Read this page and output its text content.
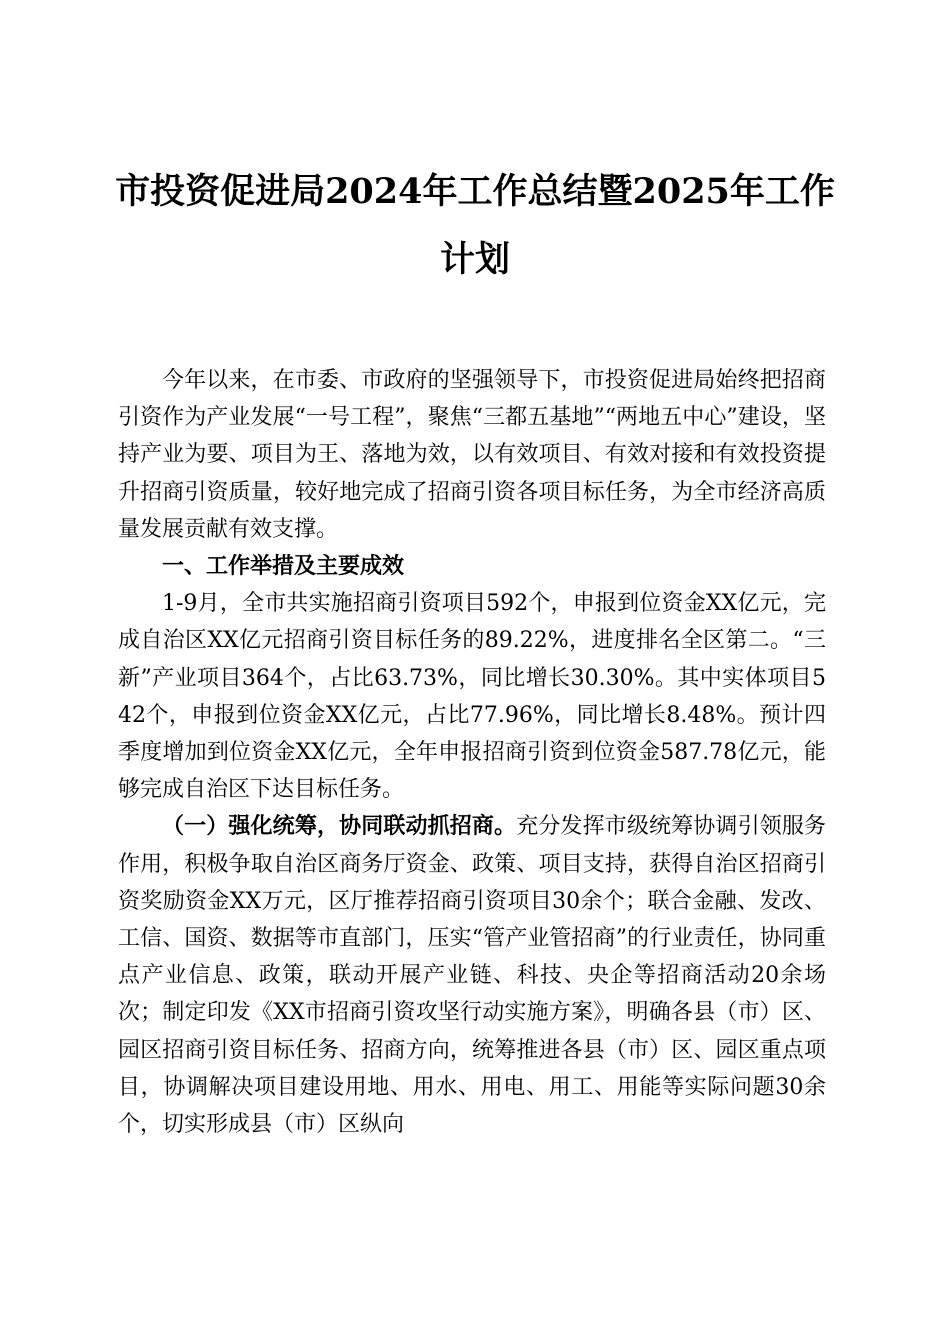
市投资促进局2024年工作总结暨2025年工作
计划

今年以来，在市委、市政府的坚强领导下，市投资促进局始终把招商引资作为产业发展“一号工程”，聚焦“三都五基地”“两地五中心”建设，坚持产业为要、项目为王、落地为效，以有效项目、有效对接和有效投资提升招商引资质量，较好地完成了招商引资各项目标任务，为全市经济高质量发展贡献有效支撑。

一、工作举措及主要成效

1-9月，全市共实施招商引资项目592个，申报到位资金XX亿元，完成自治区XX亿元招商引资目标任务的89.22%，进度排名全区第二。“三新”产业项目364个，占比63.73%，同比增长30.30%。其中实体项目542个，申报到位资金XX亿元，占比77.96%，同比增长8.48%。预计四季度增加到位资金XX亿元，全年申报招商引资到位资金587.78亿元，能够完成自治区下达目标任务。

（一）强化统筹，协同联动抓招商。充分发挥市级统筹协调引领服务作用，积极争取自治区商务厅资金、政策、项目支持，获得自治区招商引资奖励资金XX万元，区厅推荐招商引资项目30余个；联合金融、发改、工信、国资、数据等市直部门，压实“管产业管招商”的行业责任，协同重点产业信息、政策，联动开展产业链、科技、央企等招商活动20余场次；制定印发《XX市招商引资攻坚行动实施方案》，明确各县（市）区、园区招商引资目标任务、招商方向，统筹推进各县（市）区、园区重点项目，协调解决项目建设用地、用水、用电、用工、用能等实际问题30余个，切实形成县（市）区纵向
